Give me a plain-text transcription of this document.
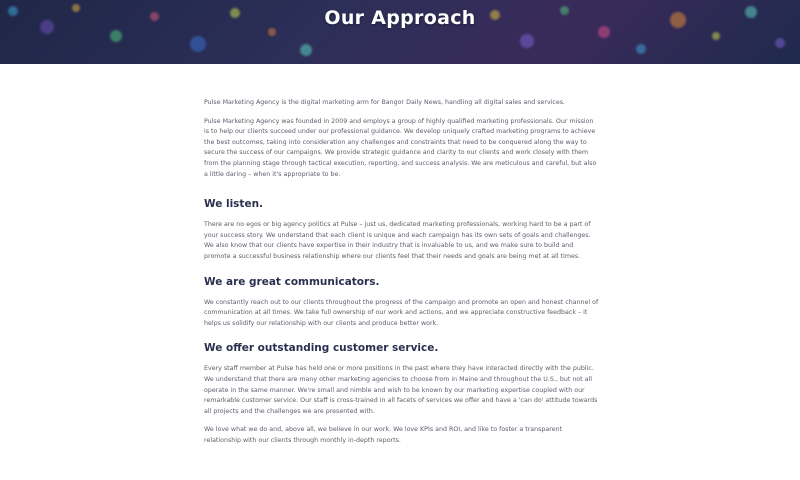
Our Approach

Pulse Marketing Agency is the digital marketing arm for Bangor Daily News, handling all digital sales and services.

Pulse Marketing Agency was founded in 2009 and employs a group of highly qualified marketing professionals. Our mission is to help our clients succeed under our professional guidance. We develop uniquely crafted marketing programs to achieve the best outcomes, taking into consideration any challenges and constraints that need to be conquered along the way to secure the success of our campaigns. We provide strategic guidance and clarity to our clients and work closely with them from the planning stage through tactical execution, reporting, and success analysis. We are meticulous and careful, but also a little daring – when it's appropriate to be.

We listen.

There are no egos or big agency politics at Pulse – just us, dedicated marketing professionals, working hard to be a part of your success story. We understand that each client is unique and each campaign has its own sets of goals and challenges. We also know that our clients have expertise in their industry that is invaluable to us, and we make sure to build and promote a successful business relationship where our clients feel that their needs and goals are being met at all times.

We are great communicators.

We constantly reach out to our clients throughout the progress of the campaign and promote an open and honest channel of communication at all times. We take full ownership of our work and actions, and we appreciate constructive feedback – it helps us solidify our relationship with our clients and produce better work.

We offer outstanding customer service.

Every staff member at Pulse has held one or more positions in the past where they have interacted directly with the public. We understand that there are many other marketing agencies to choose from in Maine and throughout the U.S., but not all operate in the same manner. We're small and nimble and wish to be known by our marketing expertise coupled with our remarkable customer service. Our staff is cross-trained in all facets of services we offer and have a 'can do' attitude towards all projects and the challenges we are presented with.

We love what we do and, above all, we believe in our work. We love KPIs and ROI, and like to foster a transparent relationship with our clients through monthly in-depth reports.
